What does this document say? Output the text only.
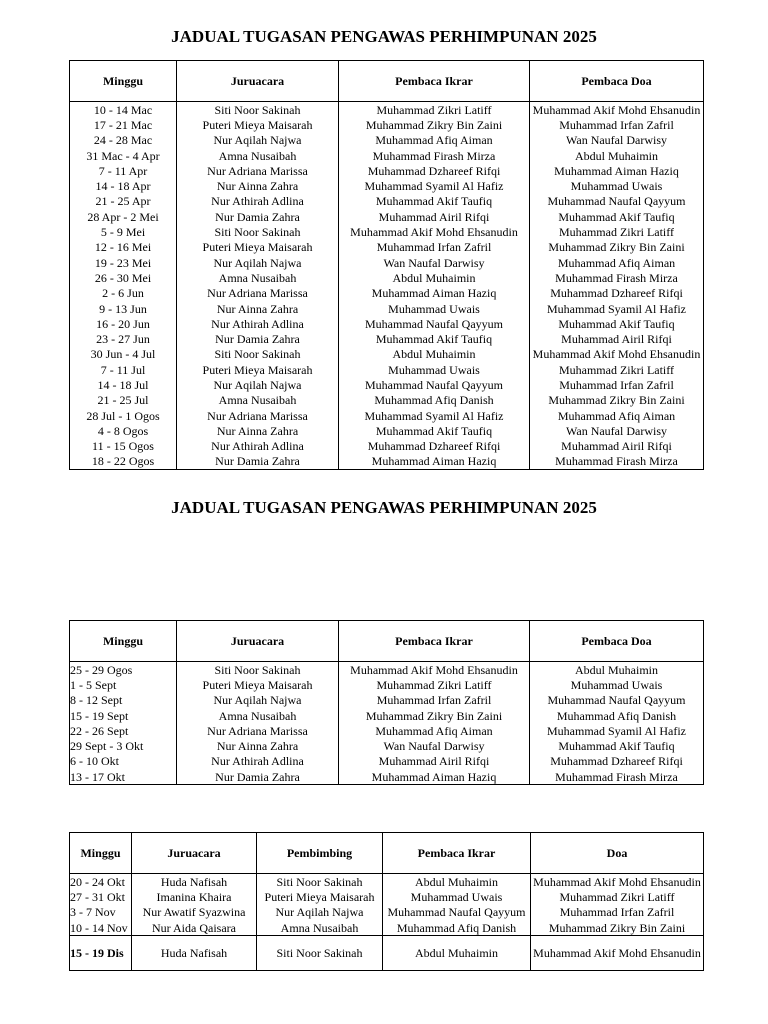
JADUAL TUGASAN PENGAWAS PERHIMPUNAN 2025
Minggu	Juruacara	Pembaca Ikrar	Pembaca Doa
10 - 14 Mac	Siti Noor Sakinah	Muhammad Zikri Latiff	Muhammad Akif Mohd Ehsanudin
17 - 21 Mac	Puteri Mieya Maisarah	Muhammad Zikry Bin Zaini	Muhammad Irfan Zafril
24 - 28 Mac	Nur Aqilah Najwa	Muhammad Afiq Aiman	Wan Naufal Darwisy
31 Mac - 4 Apr	Amna Nusaibah	Muhammad Firash Mirza	Abdul Muhaimin
7 - 11 Apr	Nur Adriana Marissa	Muhammad Dzhareef Rifqi	Muhammad Aiman Haziq
14 - 18 Apr	Nur Ainna Zahra	Muhammad Syamil Al Hafiz	Muhammad Uwais
21 - 25 Apr	Nur Athirah Adlina	Muhammad Akif Taufiq	Muhammad Naufal Qayyum
28 Apr - 2 Mei	Nur Damia Zahra	Muhammad Airil Rifqi	Muhammad Akif Taufiq
5 - 9 Mei	Siti Noor Sakinah	Muhammad Akif Mohd Ehsanudin	Muhammad Zikri Latiff
12 - 16 Mei	Puteri Mieya Maisarah	Muhammad Irfan Zafril	Muhammad Zikry Bin Zaini
19 - 23 Mei	Nur Aqilah Najwa	Wan Naufal Darwisy	Muhammad Afiq Aiman
26 - 30 Mei	Amna Nusaibah	Abdul Muhaimin	Muhammad Firash Mirza
2 - 6 Jun	Nur Adriana Marissa	Muhammad Aiman Haziq	Muhammad Dzhareef Rifqi
9 - 13 Jun	Nur Ainna Zahra	Muhammad Uwais	Muhammad Syamil Al Hafiz
16 - 20 Jun	Nur Athirah Adlina	Muhammad Naufal Qayyum	Muhammad Akif Taufiq
23 - 27 Jun	Nur Damia Zahra	Muhammad Akif Taufiq	Muhammad Airil Rifqi
30 Jun - 4 Jul	Siti Noor Sakinah	Abdul Muhaimin	Muhammad Akif Mohd Ehsanudin
7 - 11 Jul	Puteri Mieya Maisarah	Muhammad Uwais	Muhammad Zikri Latiff
14 - 18 Jul	Nur Aqilah Najwa	Muhammad Naufal Qayyum	Muhammad Irfan Zafril
21 - 25 Jul	Amna Nusaibah	Muhammad Afiq Danish	Muhammad Zikry Bin Zaini
28 Jul - 1 Ogos	Nur Adriana Marissa	Muhammad Syamil Al Hafiz	Muhammad Afiq Aiman
4 - 8 Ogos	Nur Ainna Zahra	Muhammad Akif Taufiq	Wan Naufal Darwisy
11 - 15 Ogos	Nur Athirah Adlina	Muhammad Dzhareef Rifqi	Muhammad Airil Rifqi
18 - 22 Ogos	Nur Damia Zahra	Muhammad Aiman Haziq	Muhammad Firash Mirza
JADUAL TUGASAN PENGAWAS PERHIMPUNAN 2025
Minggu	Juruacara	Pembaca Ikrar	Pembaca Doa
25 - 29 Ogos	Siti Noor Sakinah	Muhammad Akif Mohd Ehsanudin	Abdul Muhaimin
1 - 5 Sept	Puteri Mieya Maisarah	Muhammad Zikri Latiff	Muhammad Uwais
8 - 12 Sept	Nur Aqilah Najwa	Muhammad Irfan Zafril	Muhammad Naufal Qayyum
15 - 19 Sept	Amna Nusaibah	Muhammad Zikry Bin Zaini	Muhammad Afiq Danish
22 - 26 Sept	Nur Adriana Marissa	Muhammad Afiq Aiman	Muhammad Syamil Al Hafiz
29 Sept - 3 Okt	Nur Ainna Zahra	Wan Naufal Darwisy	Muhammad Akif Taufiq
6 - 10 Okt	Nur Athirah Adlina	Muhammad Airil Rifqi	Muhammad Dzhareef Rifqi
13 - 17 Okt	Nur Damia Zahra	Muhammad Aiman Haziq	Muhammad Firash Mirza
Minggu	Juruacara	Pembimbing	Pembaca Ikrar	Doa
20 - 24 Okt	Huda Nafisah	Siti Noor Sakinah	Abdul Muhaimin	Muhammad Akif Mohd Ehsanudin
27 - 31 Okt	Imanina Khaira	Puteri Mieya Maisarah	Muhammad Uwais	Muhammad Zikri Latiff
3 - 7 Nov	Nur Awatif Syazwina	Nur Aqilah Najwa	Muhammad Naufal Qayyum	Muhammad Irfan Zafril
10 - 14 Nov	Nur Aida Qaisara	Amna Nusaibah	Muhammad Afiq Danish	Muhammad Zikry Bin Zaini
15 - 19 Dis	Huda Nafisah	Siti Noor Sakinah	Abdul Muhaimin	Muhammad Akif Mohd Ehsanudin
